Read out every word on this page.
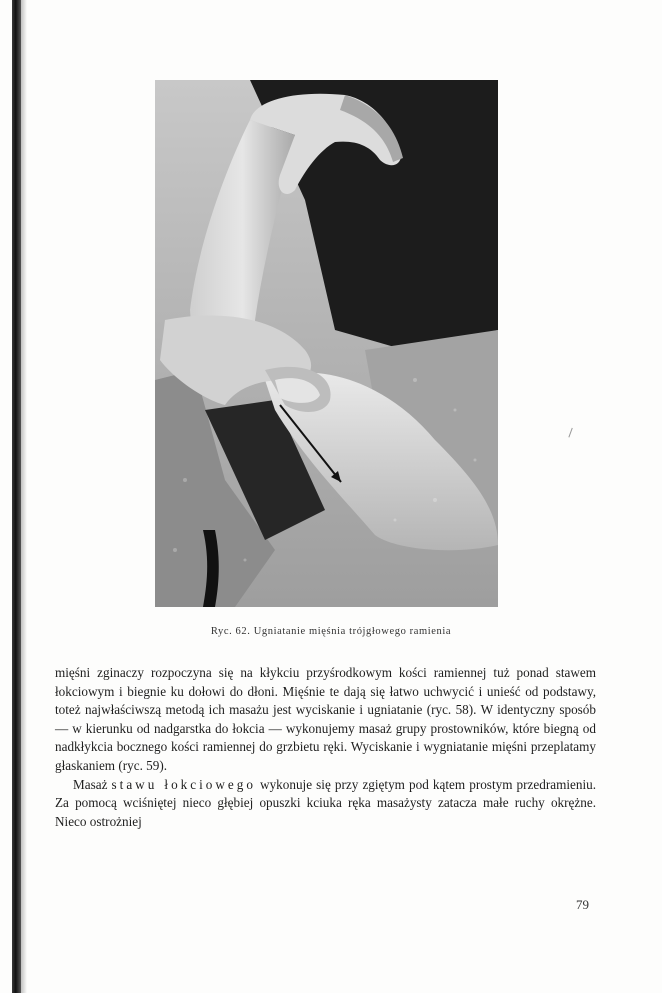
Ryc. 62. Ugniatanie mięśnia trójgłowego ramienia

mięśni zginaczy rozpoczyna się na kłykciu przyśrodkowym kości ramiennej tuż ponad stawem łokciowym i biegnie ku dołowi do dłoni. Mięśnie te dają się łatwo uchwycić i unieść od podstawy, toteż najwłaściwszą metodą ich masażu jest wyciskanie i ugniatanie (ryc. 58). W identyczny sposób — w kierunku od nadgarstka do łokcia — wykonujemy masaż grupy prostowników, które biegną od nadkłykcia bocznego kości ramiennej do grzbietu ręki. Wyciskanie i wygniatanie mięśni przeplatamy głaskaniem (ryc. 59).

Masaż stawu łokciowego wykonuje się przy zgiętym pod kątem prostym przedramieniu. Za pomocą wciśniętej nieco głębiej opuszki kciuka ręka masażysty zatacza małe ruchy okrężne. Nieco ostrożniej

79
